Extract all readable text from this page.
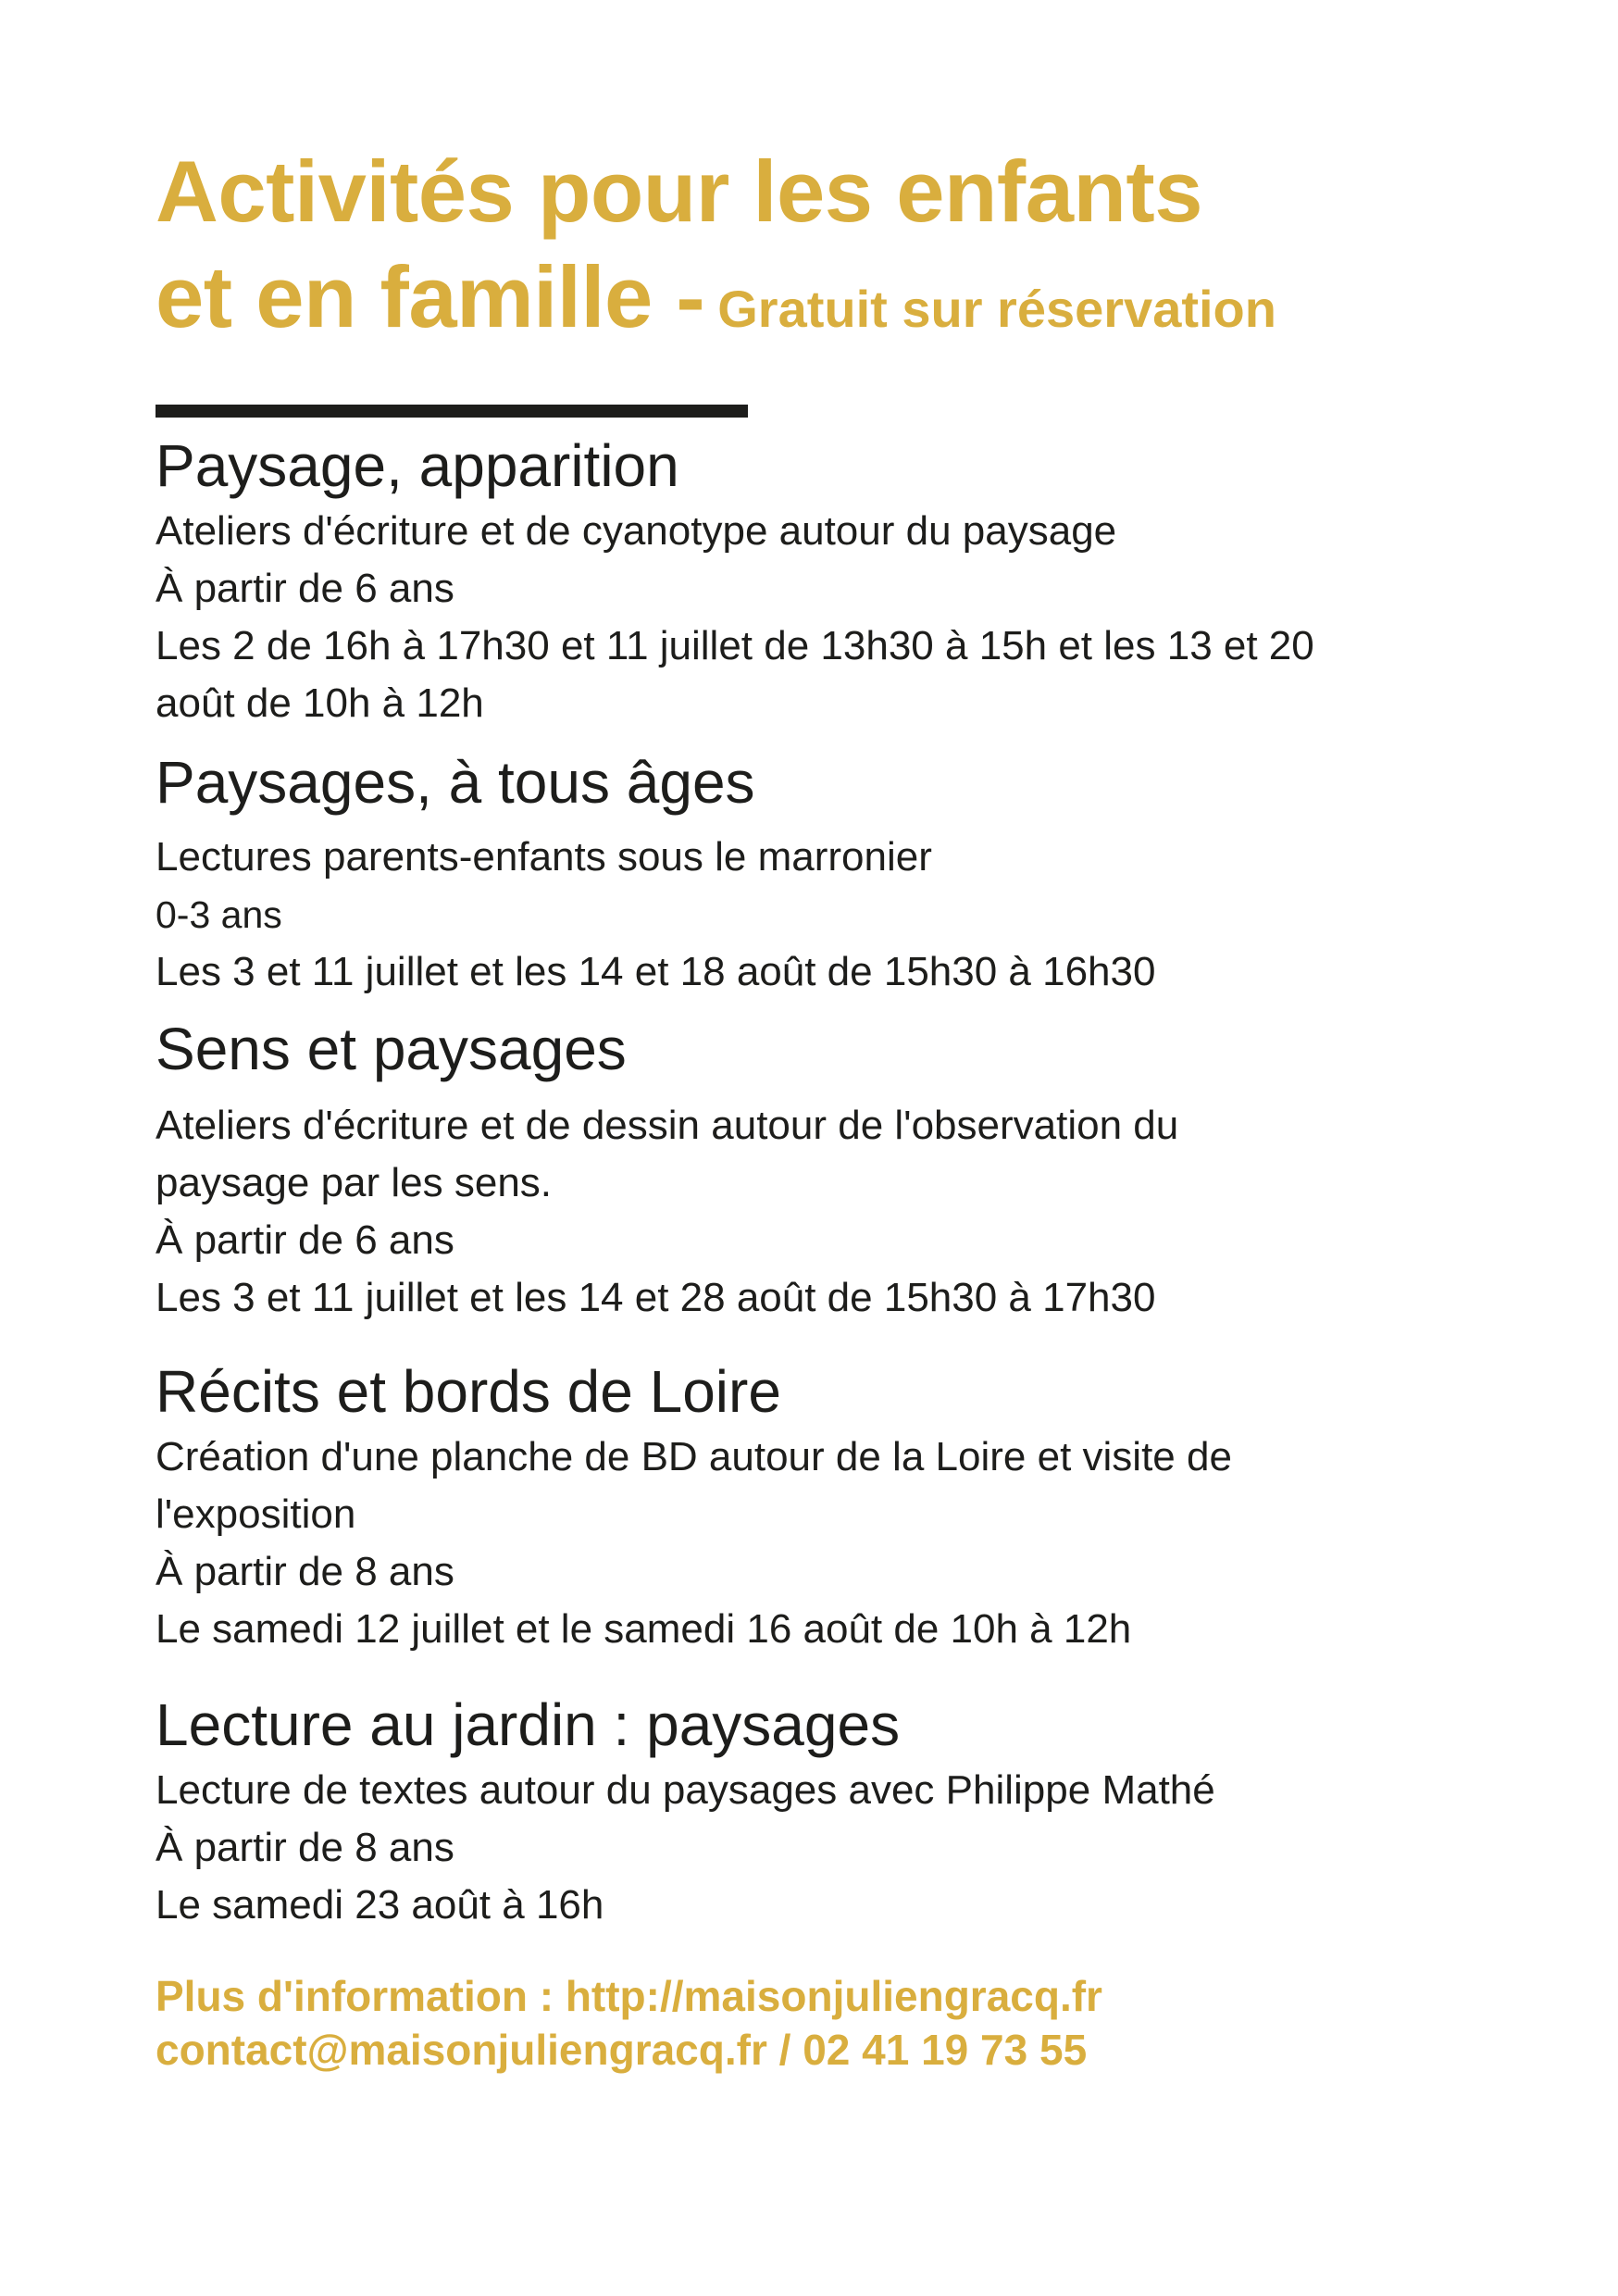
Activités pour les enfants
et en famille - Gratuit sur réservation
Paysage, apparition

Ateliers d'écriture et de cyanotype autour du paysage

À partir de 6 ans

Les 2 de 16h à 17h30 et 11 juillet de 13h30 à 15h et les 13 et 20

août de 10h à 12h

Paysages, à tous âges

Lectures parents-enfants sous le marronier

0-3 ans

Les 3 et 11 juillet et les 14 et 18 août de 15h30 à 16h30

Sens et paysages

Ateliers d'écriture et de dessin autour de l'observation du

paysage par les sens.

À partir de 6 ans

Les 3 et 11 juillet et les 14 et 28 août de 15h30 à 17h30

Récits et bords de Loire

Création d'une planche de BD autour de la Loire et visite de

l'exposition

À partir de 8 ans

Le samedi 12 juillet et le samedi 16 août de 10h à 12h

Lecture au jardin : paysages

Lecture de textes autour du paysages avec Philippe Mathé

À partir de 8 ans

Le samedi 23 août à 16h

Plus d'information : http://maisonjuliengracq.fr

contact@maisonjuliengracq.fr / 02 41 19 73 55
